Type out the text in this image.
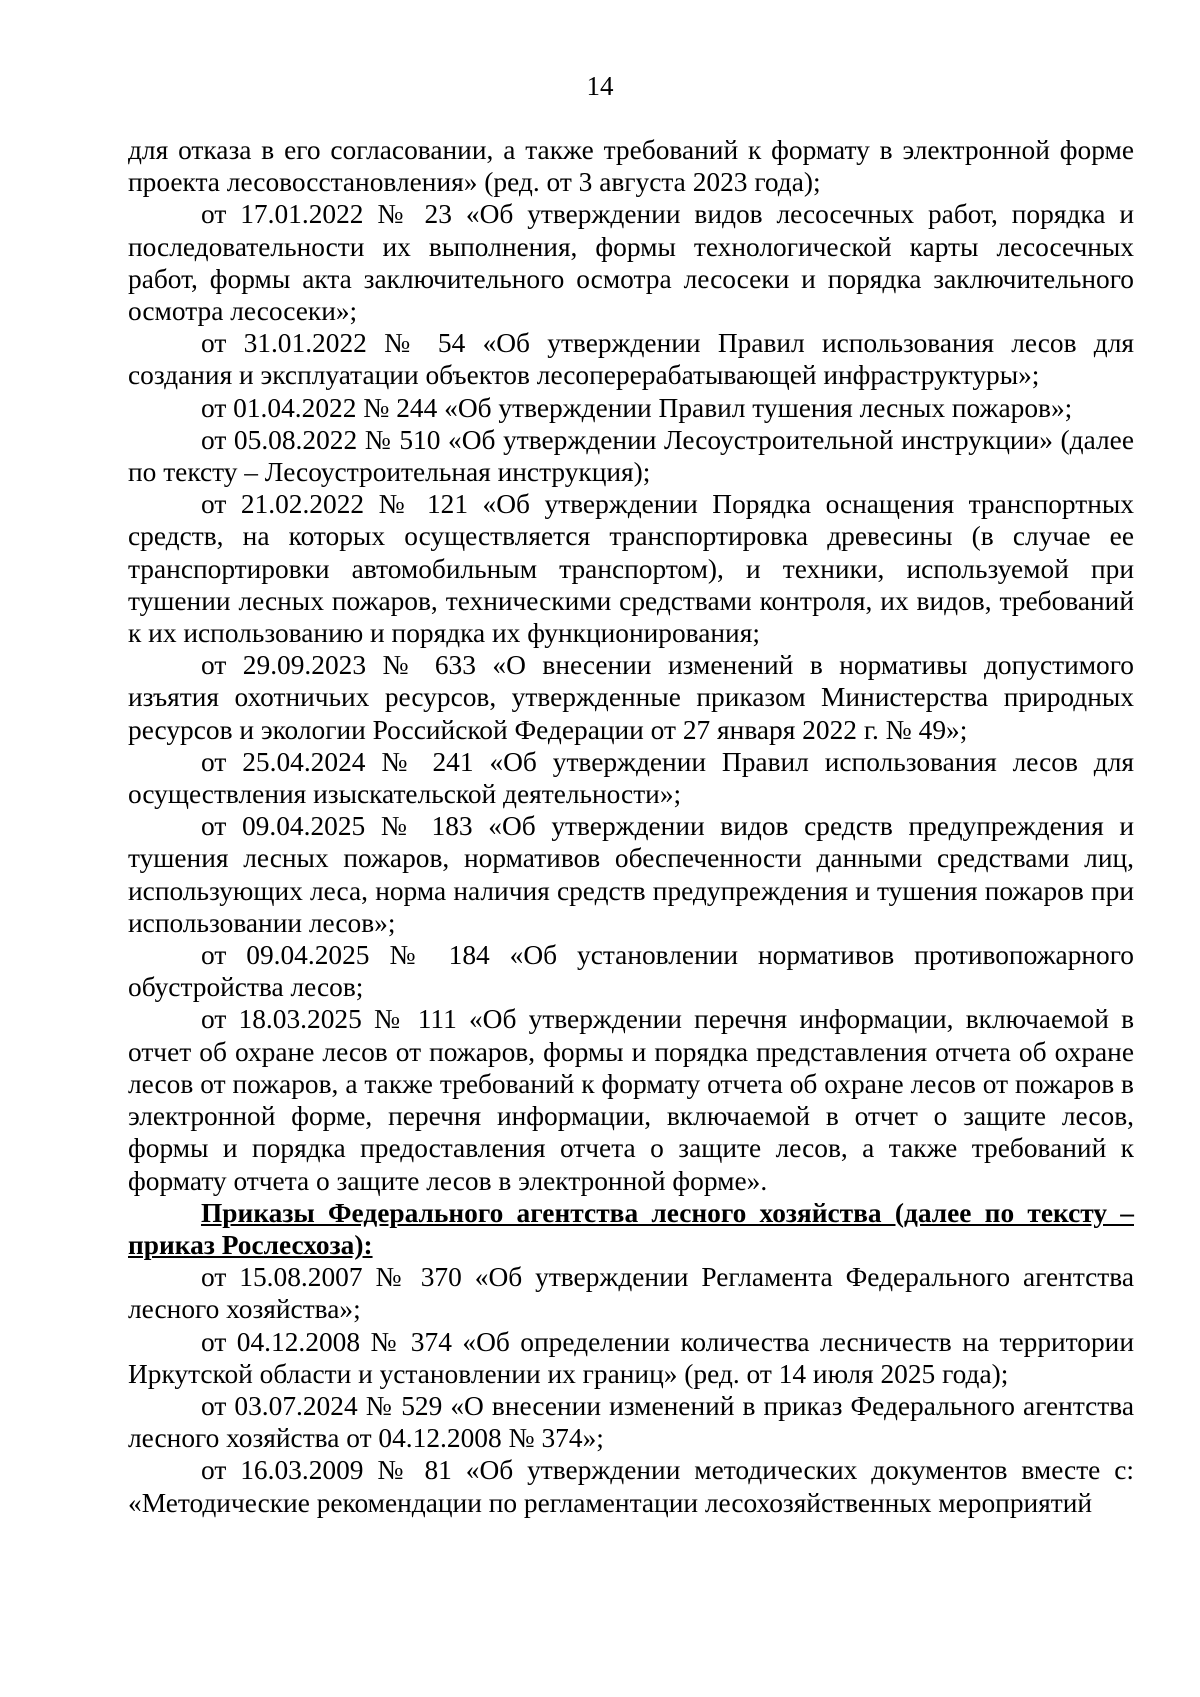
14

для отказа в его согласовании, а также требований к формату в электронной форме проекта лесовосстановления» (ред. от 3 августа 2023 года);

от 17.01.2022 № 23 «Об утверждении видов лесосечных работ, порядка и последовательности их выполнения, формы технологической карты лесосечных работ, формы акта заключительного осмотра лесосеки и порядка заключительного осмотра лесосеки»;

от 31.01.2022 № 54 «Об утверждении Правил использования лесов для создания и эксплуатации объектов лесоперерабатывающей инфраструктуры»;

от 01.04.2022 № 244 «Об утверждении Правил тушения лесных пожаров»;

от 05.08.2022 № 510 «Об утверждении Лесоустроительной инструкции» (далее по тексту – Лесоустроительная инструкция);

от 21.02.2022 № 121 «Об утверждении Порядка оснащения транспортных средств, на которых осуществляется транспортировка древесины (в случае ее транспортировки автомобильным транспортом), и техники, используемой при тушении лесных пожаров, техническими средствами контроля, их видов, требований к их использованию и порядка их функционирования;

от 29.09.2023 № 633 «О внесении изменений в нормативы допустимого изъятия охотничьих ресурсов, утвержденные приказом Министерства природных ресурсов и экологии Российской Федерации от 27 января 2022 г. № 49»;

от 25.04.2024 № 241 «Об утверждении Правил использования лесов для осуществления изыскательской деятельности»;

от 09.04.2025 № 183 «Об утверждении видов средств предупреждения и тушения лесных пожаров, нормативов обеспеченности данными средствами лиц, использующих леса, норма наличия средств предупреждения и тушения пожаров при использовании лесов»;

от 09.04.2025 № 184 «Об установлении нормативов противопожарного обустройства лесов;

от 18.03.2025 № 111 «Об утверждении перечня информации, включаемой в отчет об охране лесов от пожаров, формы и порядка представления отчета об охране лесов от пожаров, а также требований к формату отчета об охране лесов от пожаров в электронной форме, перечня информации, включаемой в отчет о защите лесов, формы и порядка предоставления отчета о защите лесов, а также требований к формату отчета о защите лесов в электронной форме».

Приказы Федерального агентства лесного хозяйства (далее по тексту – приказ Рослесхоза):

от 15.08.2007 № 370 «Об утверждении Регламента Федерального агентства лесного хозяйства»;

от 04.12.2008 № 374 «Об определении количества лесничеств на территории Иркутской области и установлении их границ» (ред. от 14 июля 2025 года);

от 03.07.2024 № 529 «О внесении изменений в приказ Федерального агентства лесного хозяйства от 04.12.2008 № 374»;

от 16.03.2009 № 81 «Об утверждении методических документов вместе с: «Методические рекомендации по регламентации лесохозяйственных мероприятий
